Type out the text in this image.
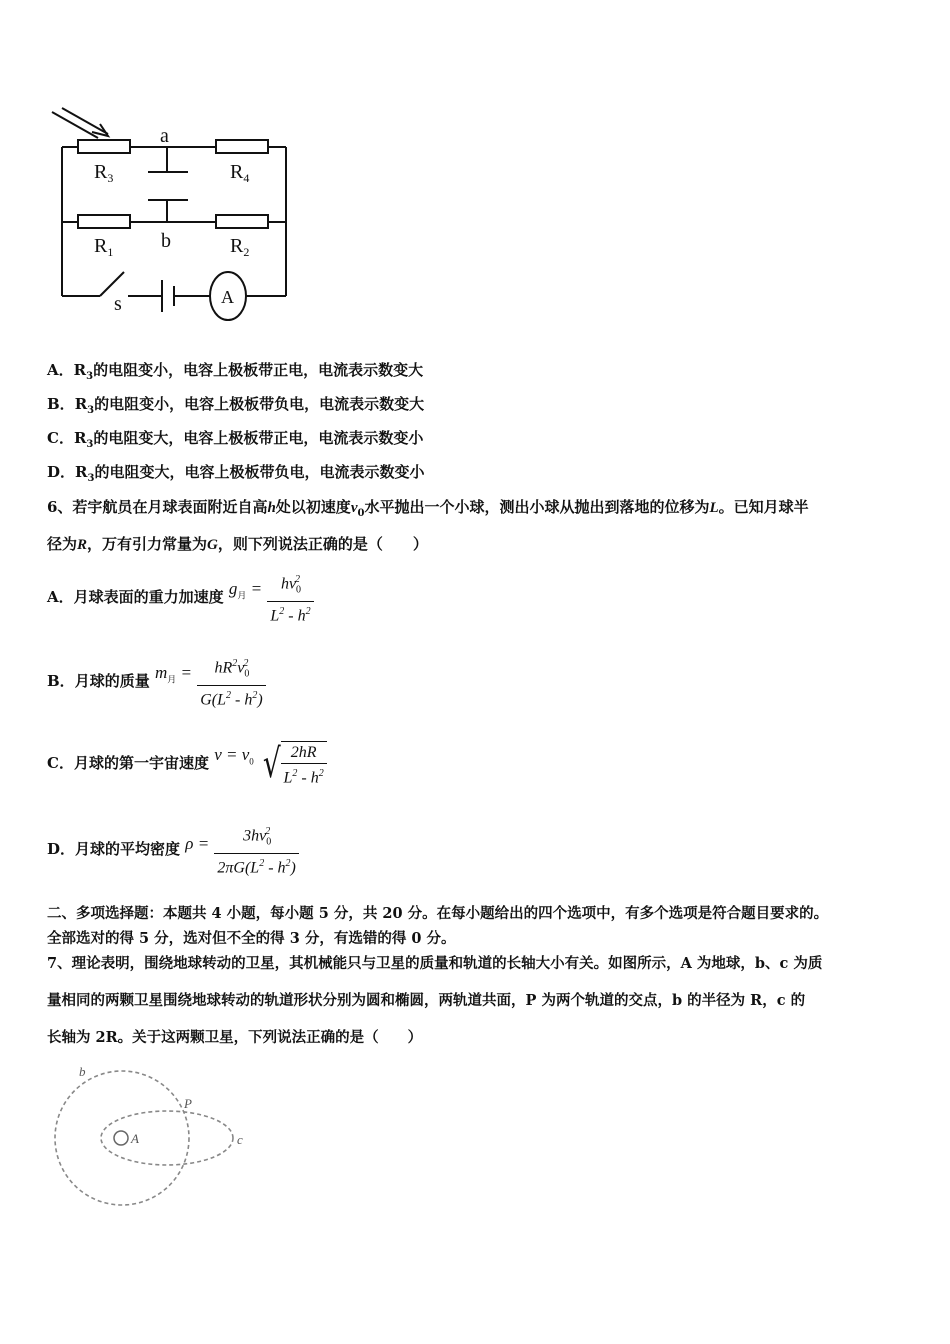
$R_3$	$R_4$
$R_1$	$R_2$
a
b
s	A
A．$R_3$的电阻变小，电容上极板带正电，电流表示数变大
B．$R_3$的电阻变小，电容上极板带负电，电流表示数变大
C．$R_3$的电阻变大，电容上极板带正电，电流表示数变小
D．$R_3$的电阻变大，电容上极板带负电，电流表示数变小
6、若宇航员在月球表面附近自高h处以初速度$v_0$水平抛出一个小球，测出小球从抛出到落地的位移为L。已知月球半
径为R，万有引力常量为G，则下列说法正确的是（　　）
A．月球表面的重力加速度 $g_月 = \frac{hv_0^2}{L^2 - h^2}$
B．月球的质量 $m_月 = \frac{hR^2v_0^2}{G(L^2 - h^2)}$
C．月球的第一宇宙速度 $v = v_0$ √ $\frac{2hR}{L^2 - h^2}$
D．月球的平均密度 $\rho = \frac{3hv_0^2}{2\pi G(L^2 - h^2)}$
二、多项选择题：本题共 4 小题，每小题 5 分，共 20 分。在每小题给出的四个选项中，有多个选项是符合题目要求的。
全部选对的得 5 分，选对但不全的得 3 分，有选错的得 0 分。
7、理论表明，围绕地球转动的卫星，其机械能只与卫星的质量和轨道的长轴大小有关。如图所示，A 为地球，b、c 为质
量相同的两颗卫星围绕地球转动的轨道形状分别为圆和椭圆，两轨道共面，P 为两个轨道的交点，b 的半径为 R，c 的
长轴为 2R。关于这两颗卫星，下列说法正确的是（　　）
b
P
A	c
